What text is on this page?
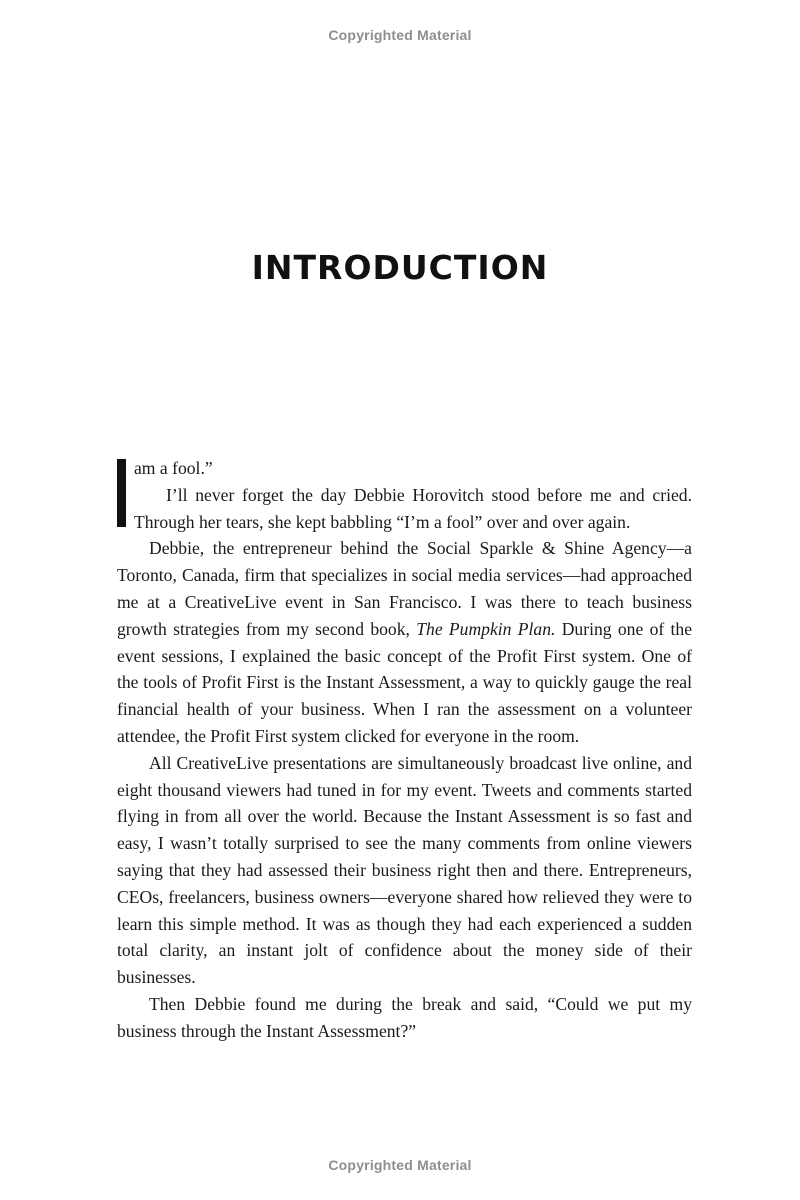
Copyrighted Material
INTRODUCTION

am a fool.”

I’ll never forget the day Debbie Horovitch stood before me and cried. Through her tears, she kept babbling “I’m a fool” over and over again.

Debbie, the entrepreneur behind the Social Sparkle & Shine Agency—a Toronto, Canada, firm that specializes in social media services—had approached me at a CreativeLive event in San Francisco. I was there to teach business growth strategies from my second book, The Pumpkin Plan. During one of the event sessions, I explained the basic concept of the Profit First system. One of the tools of Profit First is the Instant Assessment, a way to quickly gauge the real financial health of your business. When I ran the assessment on a volunteer attendee, the Profit First system clicked for everyone in the room.

All CreativeLive presentations are simultaneously broadcast live online, and eight thousand viewers had tuned in for my event. Tweets and comments started flying in from all over the world. Because the Instant Assessment is so fast and easy, I wasn’t totally surprised to see the many comments from online viewers saying that they had assessed their business right then and there. Entrepreneurs, CEOs, freelancers, business owners—everyone shared how relieved they were to learn this simple method. It was as though they had each experienced a sudden total clarity, an instant jolt of confidence about the money side of their businesses.

Then Debbie found me during the break and said, “Could we put my business through the Instant Assessment?”

Copyrighted Material
